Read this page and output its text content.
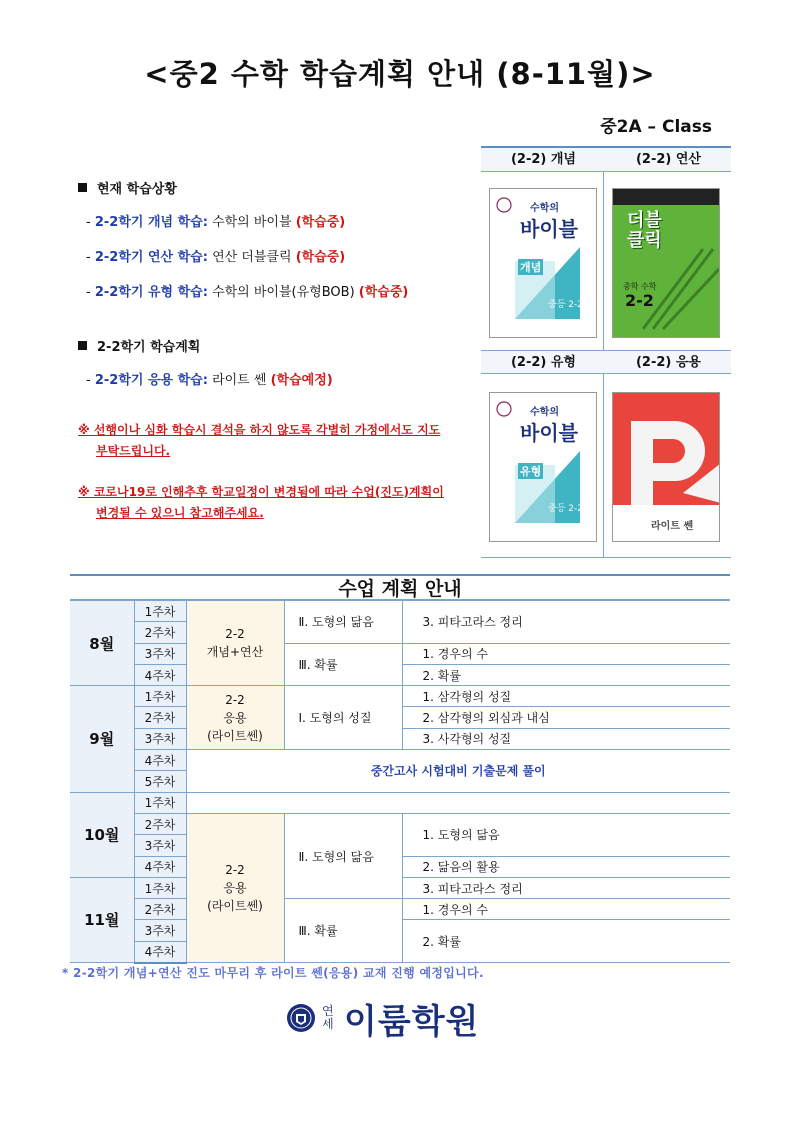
<중2 수학 학습계획 안내 (8-11월)>
중2A – Class
현재 학습상황
- 2-2학기 개념 학습: 수학의 바이블 (학습중)
- 2-2학기 연산 학습: 연산 더블클릭 (학습중)
- 2-2학기 유형 학습: 수학의 바이블(유형BOB) (학습중)
2-2학기 학습계획
- 2-2학기 응용 학습: 라이트 쎈 (학습예정)
※ 선행이나 심화 학습시 결석을 하지 않도록 각별히 가정에서도 지도
부탁드립니다.
※ 코로나19로 인해추후 학교일정이 변경됨에 따라 수업(진도)계획이
변경될 수 있으니 참고해주세요.
(2-2) 개념	(2-2) 연산
수학의
바이블
개념
중등 2-2
더블
클릭
중학 수학
2-2
(2-2) 유형	(2-2) 응용
수학의
바이블
유형
중등 2-2
라이트 쎈
수업 계획 안내
8월	1주차	2-2
개념+연산	Ⅱ. 도형의 닮음	3. 피타고라스 정리
	2주차			
	3주차		Ⅲ. 확률	1. 경우의 수
	4주차			2. 확률
9월	1주차	2-2
응용
(라이트쎈)	Ⅰ. 도형의 성질	1. 삼각형의 성질
	2주차			2. 삼각형의 외심과 내심
	3주차			3. 사각형의 성질
	4주차	중간고사 시험대비 기출문제 풀이		
	5주차			
10월	1주차			
	2주차	2-2
응용
(라이트쎈)	Ⅱ. 도형의 닮음	1. 도형의 닮음
	3주차			
	4주차			2. 닮음의 활용
11월	1주차			3. 피타고라스 정리
	2주차		Ⅲ. 확률	1. 경우의 수
	3주차			2. 확률
	4주차			
* 2-2학기 개념+연산 진도 마무리 후 라이트 쎈(응용) 교재 진행 예정입니다.
연세 이룸학원
